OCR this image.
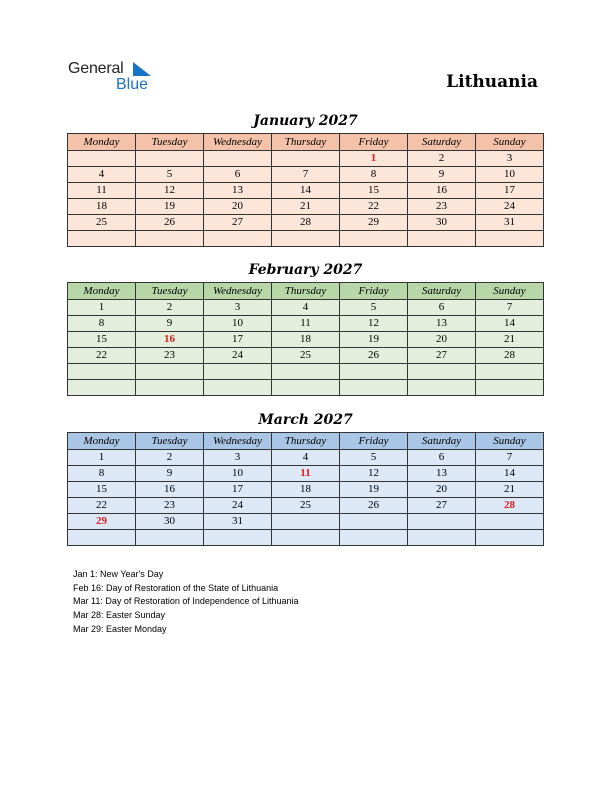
General
Blue	Lithuania
January 2027
Monday	Tuesday	Wednesday	Thursday	Friday	Saturday	Sunday
				1	2	3
4	5	6	7	8	9	10
11	12	13	14	15	16	17
18	19	20	21	22	23	24
25	26	27	28	29	30	31

February 2027
Monday	Tuesday	Wednesday	Thursday	Friday	Saturday	Sunday
1	2	3	4	5	6	7
8	9	10	11	12	13	14
15	16	17	18	19	20	21
22	23	24	25	26	27	28

March 2027
Monday	Tuesday	Wednesday	Thursday	Friday	Saturday	Sunday
1	2	3	4	5	6	7
8	9	10	11	12	13	14
15	16	17	18	19	20	21
22	23	24	25	26	27	28
29	30	31				

Jan 1: New Year's Day
Feb 16: Day of Restoration of the State of Lithuania
Mar 11: Day of Restoration of Independence of Lithuania
Mar 28: Easter Sunday
Mar 29: Easter Monday
